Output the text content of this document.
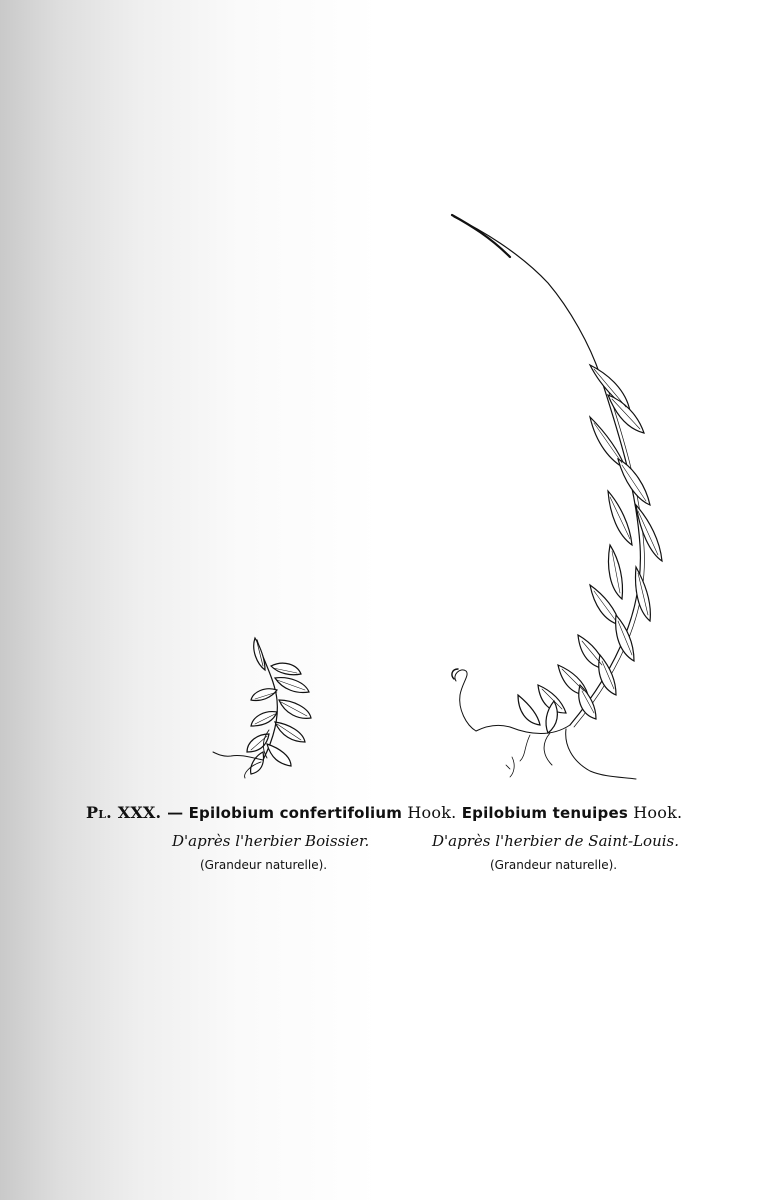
Pl. XXX. — Epilobium confertifolium Hook. Epilobium tenuipes Hook.
D'après l'herbier Boissier.	D'après l'herbier de Saint-Louis.
(Grandeur naturelle).	(Grandeur naturelle).
